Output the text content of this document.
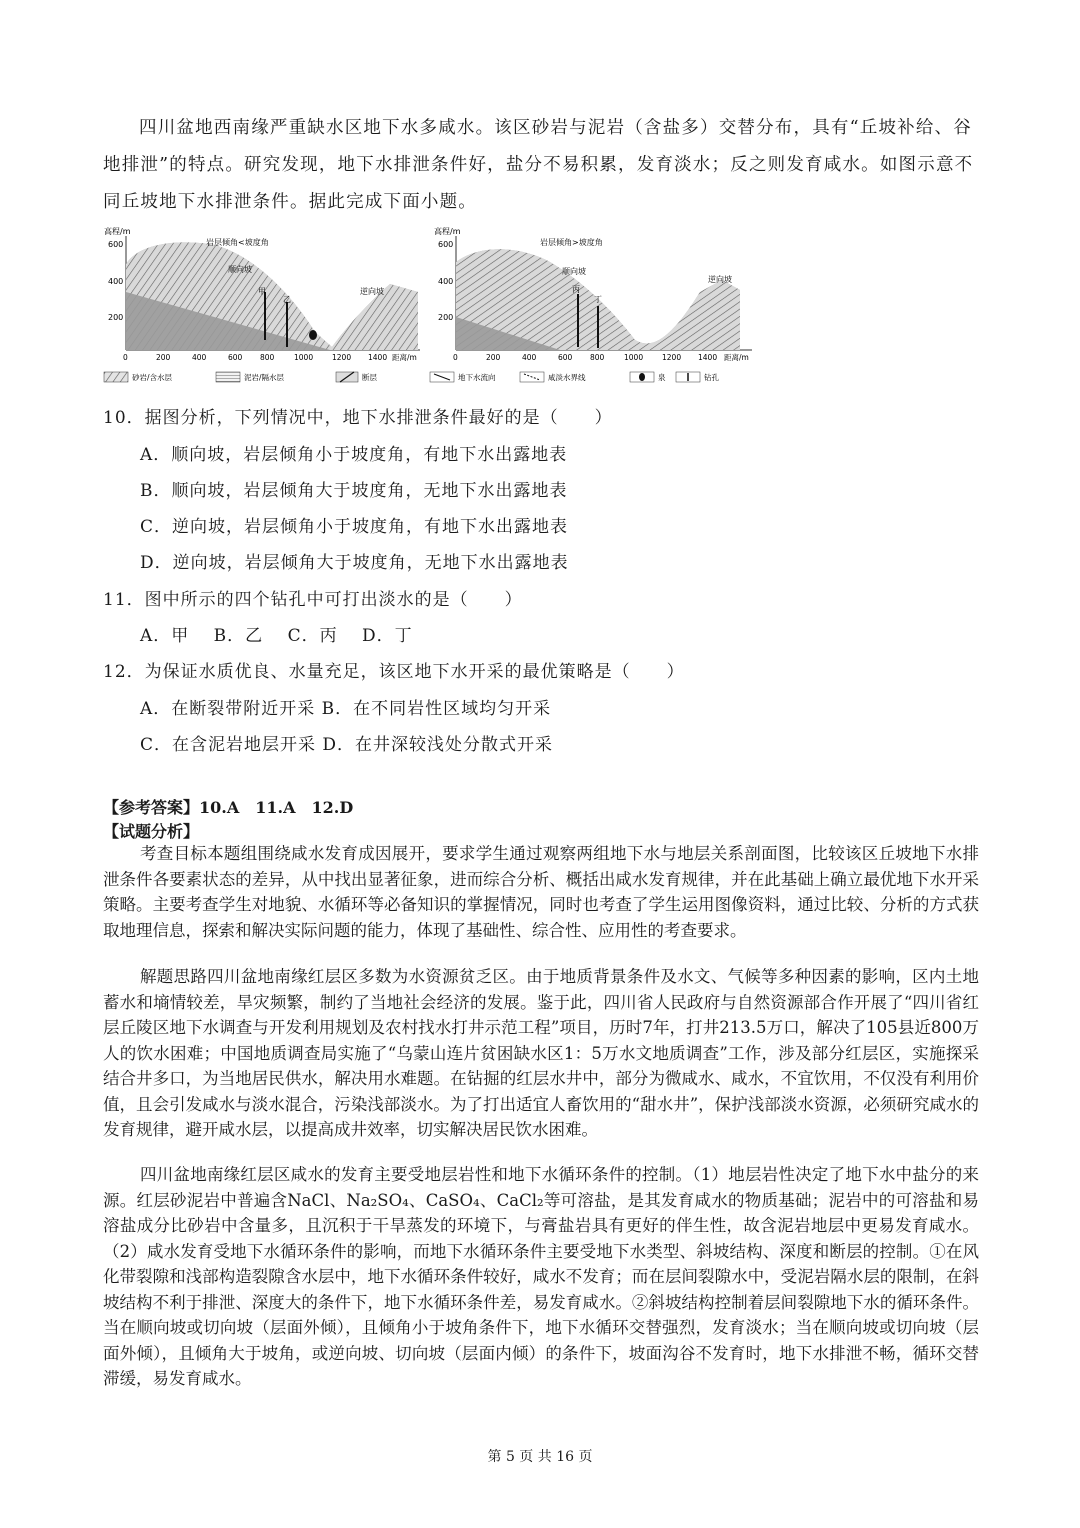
四川盆地西南缘严重缺水区地下水多咸水。该区砂岩与泥岩（含盐多）交替分布，具有“丘坡补给、谷地排泄”的特点。研究发现，地下水排泄条件好，盐分不易积累，发育淡水；反之则发育咸水。如图示意不同丘坡地下水排泄条件。据此完成下面小题。
高程/m
600
400
200
岩层倾角<坡度角
顺向坡
逆向坡
甲
乙
0	200	400	600 800	1000	1200 1400 距离/m
高程/m
600
400
200
岩层倾角>坡度角
顺向坡
逆向坡
丙
丁
0	200	400	600 800	1000	1200 1400 距离/m
砂岩/含水层	泥岩/隔水层	断层	地下水流向	咸淡水界线	泉	钻孔
10．据图分析，下列情况中，地下水排泄条件最好的是（　　）
A．顺向坡，岩层倾角小于坡度角，有地下水出露地表
B．顺向坡，岩层倾角大于坡度角，无地下水出露地表
C．逆向坡，岩层倾角小于坡度角，有地下水出露地表
D．逆向坡，岩层倾角大于坡度角，无地下水出露地表
11．图中所示的四个钻孔中可打出淡水的是（　　）
A．甲　 B．乙　 C．丙　 D．丁
12．为保证水质优良、水量充足，该区地下水开采的最优策略是（　　）
A．在断裂带附近开采 B．在不同岩性区域均匀开采
C．在含泥岩地层开采 D．在井深较浅处分散式开采
【参考答案】10.A　11.A　12.D
【试题分析】
考查目标本题组围绕咸水发育成因展开，要求学生通过观察两组地下水与地层关系剖面图，比较该区丘坡地下水排泄条件各要素状态的差异，从中找出显著征象，进而综合分析、概括出咸水发育规律，并在此基础上确立最优地下水开采策略。主要考查学生对地貌、水循环等必备知识的掌握情况，同时也考查了学生运用图像资料，通过比较、分析的方式获取地理信息，探索和解决实际问题的能力，体现了基础性、综合性、应用性的考查要求。
解题思路四川盆地南缘红层区多数为水资源贫乏区。由于地质背景条件及水文、气候等多种因素的影响，区内土地蓄水和墒情较差，旱灾频繁，制约了当地社会经济的发展。鉴于此，四川省人民政府与自然资源部合作开展了“四川省红层丘陵区地下水调查与开发利用规划及农村找水打井示范工程”项目，历时7年，打井213.5万口，解决了105县近800万人的饮水困难；中国地质调查局实施了“乌蒙山连片贫困缺水区1：5万水文地质调查”工作，涉及部分红层区，实施探采结合井多口，为当地居民供水，解决用水难题。在钻掘的红层水井中，部分为微咸水、咸水，不宜饮用，不仅没有利用价值，且会引发咸水与淡水混合，污染浅部淡水。为了打出适宜人畜饮用的“甜水井”，保护浅部淡水资源，必须研究咸水的发育规律，避开咸水层，以提高成井效率，切实解决居民饮水困难。
四川盆地南缘红层区咸水的发育主要受地层岩性和地下水循环条件的控制。（1）地层岩性决定了地下水中盐分的来源。红层砂泥岩中普遍含NaCl、Na₂SO₄、CaSO₄、CaCl₂等可溶盐，是其发育咸水的物质基础；泥岩中的可溶盐和易溶盐成分比砂岩中含量多，且沉积于干旱蒸发的环境下，与膏盐岩具有更好的伴生性，故含泥岩地层中更易发育咸水。（2）咸水发育受地下水循环条件的影响，而地下水循环条件主要受地下水类型、斜坡结构、深度和断层的控制。①在风化带裂隙和浅部构造裂隙含水层中，地下水循环条件较好，咸水不发育；而在层间裂隙水中，受泥岩隔水层的限制，在斜坡结构不利于排泄、深度大的条件下，地下水循环条件差，易发育咸水。②斜坡结构控制着层间裂隙地下水的循环条件。当在顺向坡或切向坡（层面外倾），且倾角小于坡角条件下，地下水循环交替强烈，发育淡水；当在顺向坡或切向坡（层面外倾），且倾角大于坡角，或逆向坡、切向坡（层面内倾）的条件下，坡面沟谷不发育时，地下水排泄不畅，循环交替滞缓，易发育咸水。
第 5 页 共 16 页
